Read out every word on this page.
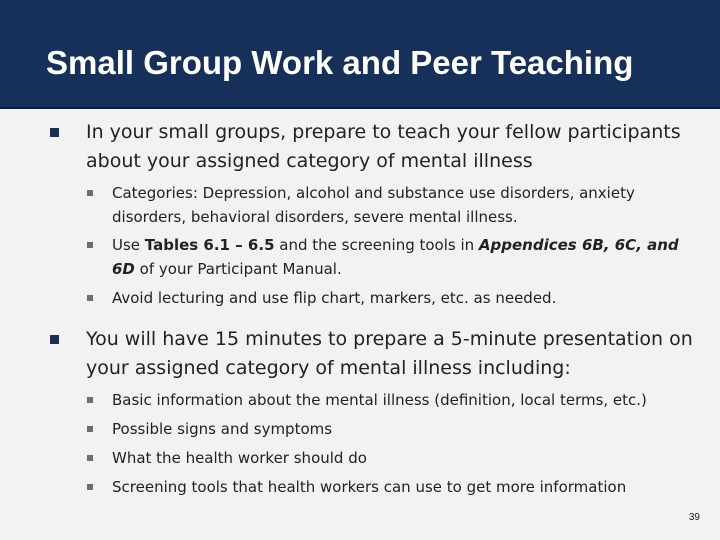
Small Group Work and Peer Teaching
In your small groups, prepare to teach your fellow participants about your assigned category of mental illness
Categories: Depression, alcohol and substance use disorders, anxiety disorders, behavioral disorders, severe mental illness.
Use Tables 6.1 – 6.5 and the screening tools in Appendices 6B, 6C, and 6D of your Participant Manual.
Avoid lecturing and use flip chart, markers, etc. as needed.
You will have 15 minutes to prepare a 5-minute presentation on your assigned category of mental illness including:
Basic information about the mental illness (definition, local terms, etc.)
Possible signs and symptoms
What the health worker should do
Screening tools that health workers can use to get more information
39
